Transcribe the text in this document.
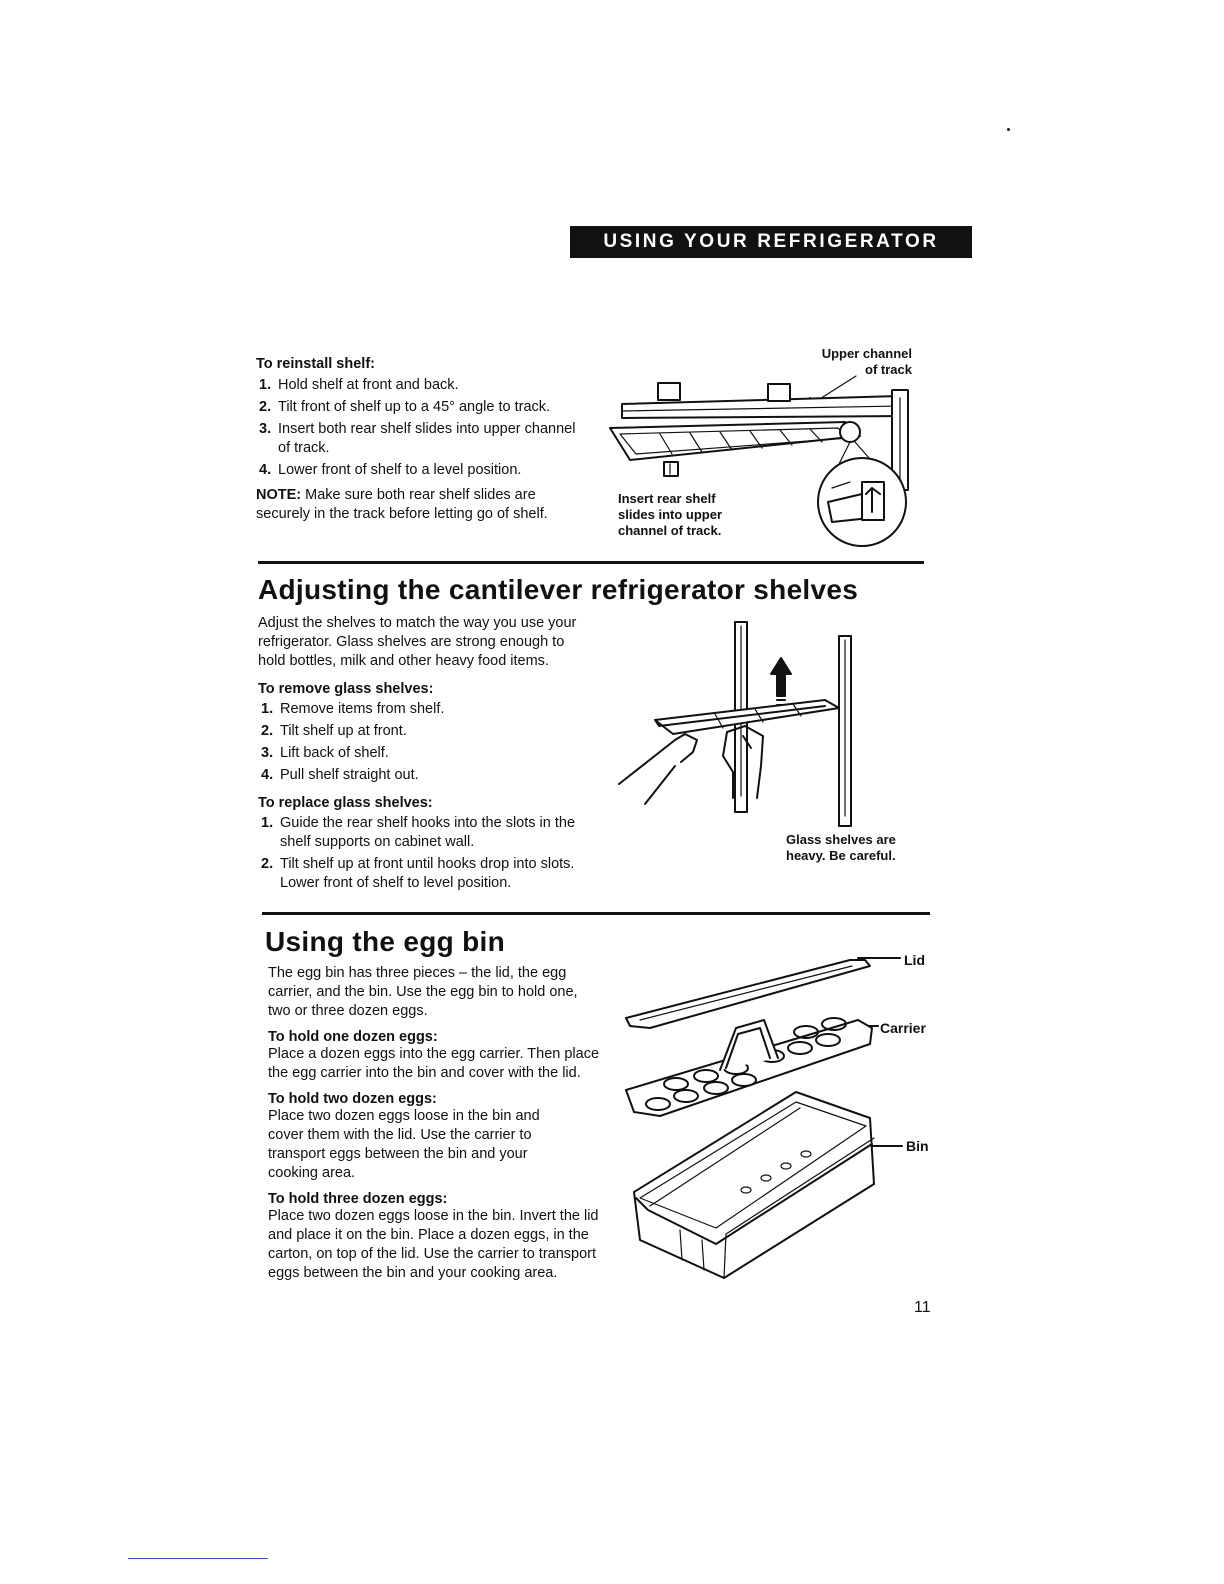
USING YOUR REFRIGERATOR
To reinstall shelf:
1. Hold shelf at front and back.
2. Tilt front of shelf up to a 45° angle to track.
3. Insert both rear shelf slides into upper channel of track.
4. Lower front of shelf to a level position.
NOTE: Make sure both rear shelf slides are securely in the track before letting go of shelf.
Upper channel
of track
Insert rear shelf slides into upper channel of track.
Adjusting the cantilever refrigerator shelves
Adjust the shelves to match the way you use your refrigerator. Glass shelves are strong enough to hold bottles, milk and other heavy food items.
To remove glass shelves:
1. Remove items from shelf.
2. Tilt shelf up at front.
3. Lift back of shelf.
4. Pull shelf straight out.
To replace glass shelves:
1. Guide the rear shelf hooks into the slots in the shelf supports on cabinet wall.
2. Tilt shelf up at front until hooks drop into slots. Lower front of shelf to level position.
Glass shelves are heavy. Be careful.
Using the egg bin
The egg bin has three pieces – the lid, the egg carrier, and the bin. Use the egg bin to hold one, two or three dozen eggs.
To hold one dozen eggs:
Place a dozen eggs into the egg carrier. Then place the egg carrier into the bin and cover with the lid.
To hold two dozen eggs:
Place two dozen eggs loose in the bin and cover them with the lid. Use the carrier to transport eggs between the bin and your cooking area.
To hold three dozen eggs:
Place two dozen eggs loose in the bin. Invert the lid and place it on the bin. Place a dozen eggs, in the carton, on top of the lid. Use the carrier to transport eggs between the bin and your cooking area.
Lid
Carrier
Bin
11
